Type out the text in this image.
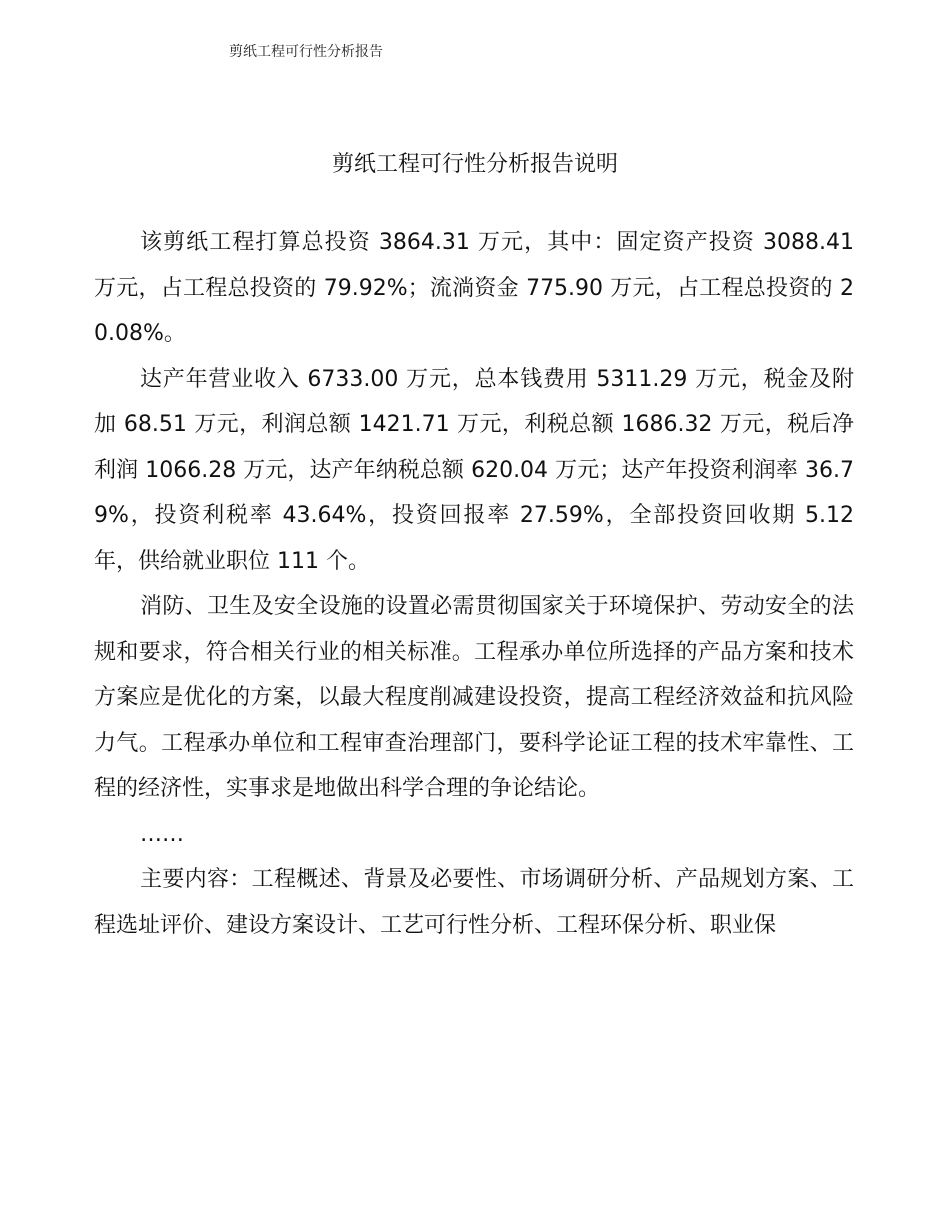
剪纸工程可行性分析报告
剪纸工程可行性分析报告说明

该剪纸工程打算总投资 3864.31 万元，其中：固定资产投资 3088.41 万元，占工程总投资的 79.92%；流淌资金 775.90 万元，占工程总投资的 20.08%。

达产年营业收入 6733.00 万元，总本钱费用 5311.29 万元，税金及附加 68.51 万元，利润总额 1421.71 万元，利税总额 1686.32 万元，税后净利润 1066.28 万元，达产年纳税总额 620.04 万元；达产年投资利润率 36.79%，投资利税率 43.64%，投资回报率 27.59%，全部投资回收期 5.12 年，供给就业职位 111 个。

消防、卫生及安全设施的设置必需贯彻国家关于环境保护、劳动安全的法规和要求，符合相关行业的相关标准。工程承办单位所选择的产品方案和技术方案应是优化的方案，以最大程度削减建设投资，提高工程经济效益和抗风险力气。工程承办单位和工程审查治理部门，要科学论证工程的技术牢靠性、工程的经济性，实事求是地做出科学合理的争论结论。

……

主要内容：工程概述、背景及必要性、市场调研分析、产品规划方案、工程选址评价、建设方案设计、工艺可行性分析、工程环保分析、职业保
